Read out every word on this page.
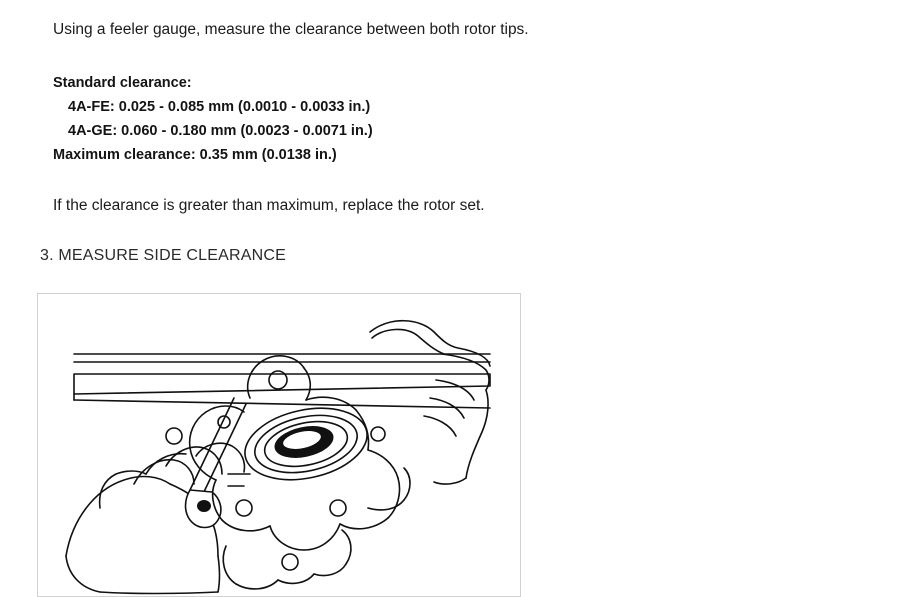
Using a feeler gauge, measure the clearance between both rotor tips.
Standard clearance:
4A-FE: 0.025 - 0.085 mm (0.0010 - 0.0033 in.)
4A-GE: 0.060 - 0.180 mm (0.0023 - 0.0071 in.)
Maximum clearance: 0.35 mm (0.0138 in.)
If the clearance is greater than maximum, replace the rotor set.
3. MEASURE SIDE CLEARANCE
